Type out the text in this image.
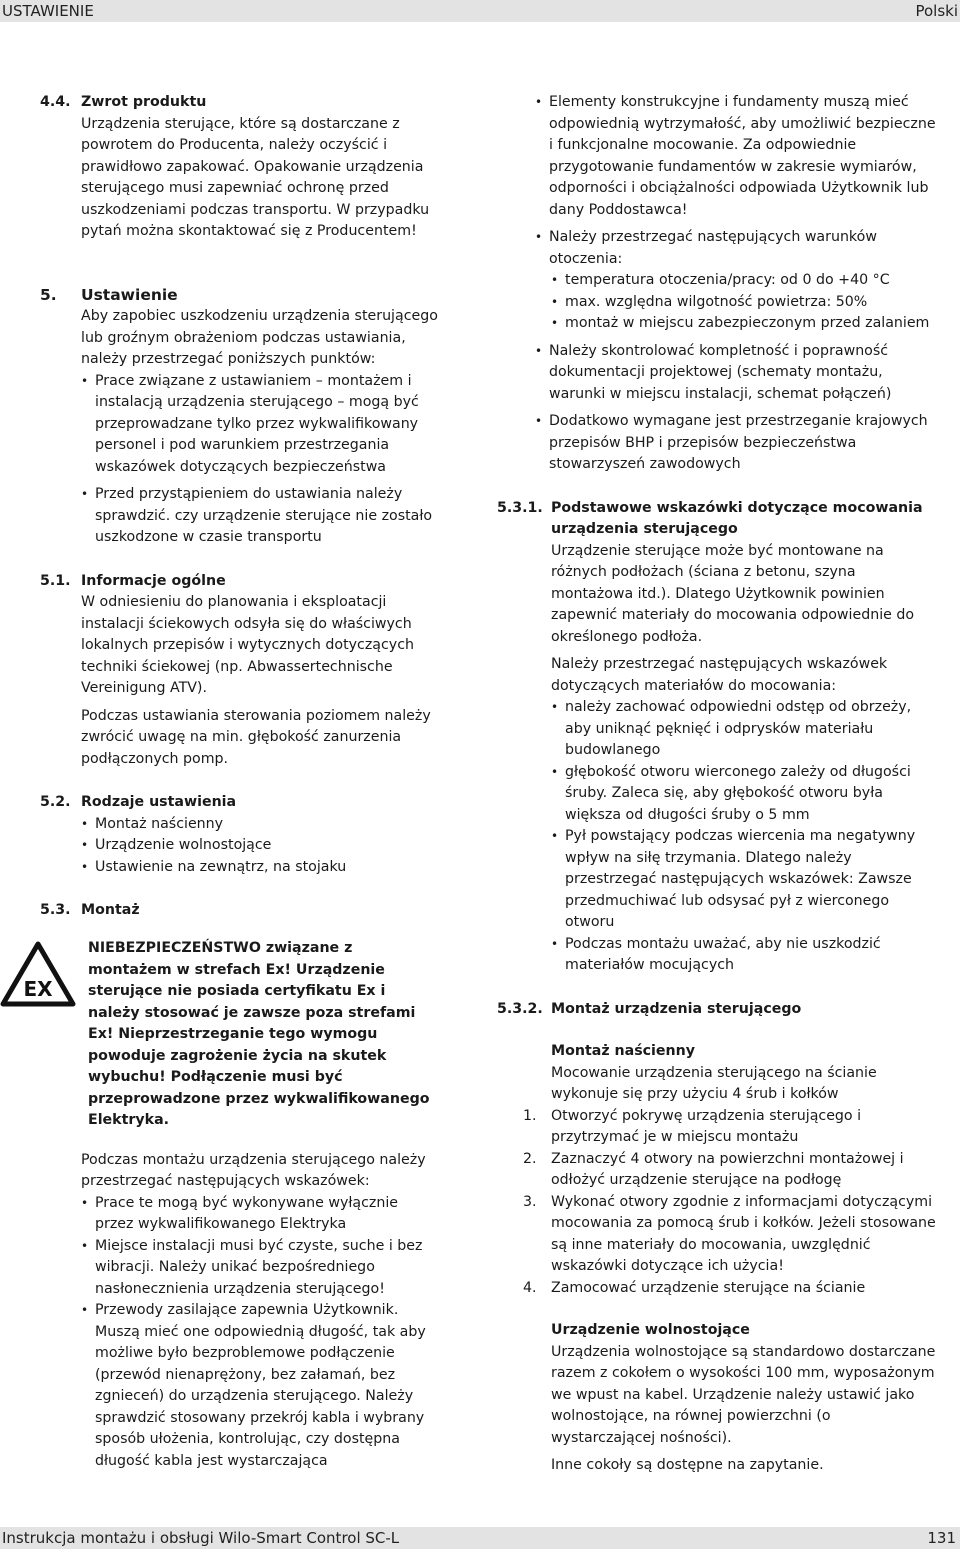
USTAWIENIE	Polski
4.4. Zwrot produktu

Urządzenia sterujące, które są dostarczane z powrotem do Producenta, należy oczyścić i prawidłowo zapakować. Opakowanie urządzenia sterującego musi zapewniać ochronę przed uszkodzeniami podczas transportu. W przypadku pytań można skontaktować się z Producentem!

5. Ustawienie

Aby zapobiec uszkodzeniu urządzenia sterującego lub groźnym obrażeniom podczas ustawiania, należy przestrzegać poniższych punktów:

• Prace związane z ustawianiem – montażem i instalacją urządzenia sterującego – mogą być przeprowadzane tylko przez wykwalifikowany personel i pod warunkiem przestrzegania wskazówek dotyczących bezpieczeństwa
• Przed przystąpieniem do ustawiania należy sprawdzić. czy urządzenie sterujące nie zostało uszkodzone w czasie transportu
5.1. Informacje ogólne

W odniesieniu do planowania i eksploatacji instalacji ściekowych odsyła się do właściwych lokalnych przepisów i wytycznych dotyczących techniki ściekowej (np. Abwassertechnische Vereinigung ATV).

Podczas ustawiania sterowania poziomem należy zwrócić uwagę na min. głębokość zanurzenia podłączonych pomp.

5.2. Rodzaje ustawienia
• Montaż naścienny
• Urządzenie wolnostojące
• Ustawienie na zewnątrz, na stojaku
5.3. Montaż

Podczas montażu urządzenia sterującego należy przestrzegać następujących wskazówek:

• Prace te mogą być wykonywane wyłącznie przez wykwalifikowanego Elektryka
• Miejsce instalacji musi być czyste, suche i bez wibracji. Należy unikać bezpośredniego nasłonecznienia urządzenia sterującego!
• Przewody zasilające zapewnia Użytkownik. Muszą mieć one odpowiednią długość, tak aby możliwe było bezproblemowe podłączenie (przewód nienaprężony, bez załamań, bez zgnieceń) do urządzenia sterującego. Należy sprawdzić stosowany przekrój kabla i wybrany sposób ułożenia, kontrolując, czy dostępna długość kabla jest wystarczająca
EX
NIEBEZPIECZEŃSTWO związane z montażem w strefach Ex! Urządzenie sterujące nie posiada certyfikatu Ex i należy stosować je zawsze poza strefami Ex! Nieprzestrzeganie tego wymogu powoduje zagrożenie życia na skutek wybuchu! Podłączenie musi być przeprowadzone przez wykwalifikowanego Elektryka.
• Elementy konstrukcyjne i fundamenty muszą mieć odpowiednią wytrzymałość, aby umożliwić bezpieczne i funkcjonalne mocowanie. Za odpowiednie przygotowanie fundamentów w zakresie wymiarów, odporności i obciążalności odpowiada Użytkownik lub dany Poddostawca!
• Należy przestrzegać następujących warunków otoczenia:
• temperatura otoczenia/pracy: od 0 do +40 °C
• max. względna wilgotność powietrza: 50%
• montaż w miejscu zabezpieczonym przed zalaniem
• Należy skontrolować kompletność i poprawność dokumentacji projektowej (schematy montażu, warunki w miejscu instalacji, schemat połączeń)
• Dodatkowo wymagane jest przestrzeganie krajowych przepisów BHP i przepisów bezpieczeństwa stowarzyszeń zawodowych
5.3.1. Podstawowe wskazówki dotyczące mocowania urządzenia sterującego

Urządzenie sterujące może być montowane na różnych podłożach (ściana z betonu, szyna montażowa itd.). Dlatego Użytkownik powinien zapewnić materiały do mocowania odpowiednie do określonego podłoża.

Należy przestrzegać następujących wskazówek dotyczących materiałów do mocowania:

• należy zachować odpowiedni odstęp od obrzeży, aby uniknąć pęknięć i odprysków materiału budowlanego
• głębokość otworu wierconego zależy od długości śruby. Zaleca się, aby głębokość otworu była większa od długości śruby o 5 mm
• Pył powstający podczas wiercenia ma negatywny wpływ na siłę trzymania. Dlatego należy przestrzegać następujących wskazówek: Zawsze przedmuchiwać lub odsysać pył z wierconego otworu
• Podczas montażu uważać, aby nie uszkodzić materiałów mocujących
5.3.2. Montaż urządzenia sterującego
Montaż naścienny

Mocowanie urządzenia sterującego na ścianie wykonuje się przy użyciu 4 śrub i kołków

1. Otworzyć pokrywę urządzenia sterującego i przytrzymać je w miejscu montażu
2. Zaznaczyć 4 otwory na powierzchni montażowej i odłożyć urządzenie sterujące na podłogę
3. Wykonać otwory zgodnie z informacjami dotyczącymi mocowania za pomocą śrub i kołków. Jeżeli stosowane są inne materiały do mocowania, uwzględnić wskazówki dotyczące ich użycia!
4. Zamocować urządzenie sterujące na ścianie
Urządzenie wolnostojące

Urządzenia wolnostojące są standardowo dostarczane razem z cokołem o wysokości 100 mm, wyposażonym we wpust na kabel. Urządzenie należy ustawić jako wolnostojące, na równej powierzchni (o wystarczającej nośności).

Inne cokoły są dostępne na zapytanie.

Instrukcja montażu i obsługi Wilo-Smart Control SC-L	131
